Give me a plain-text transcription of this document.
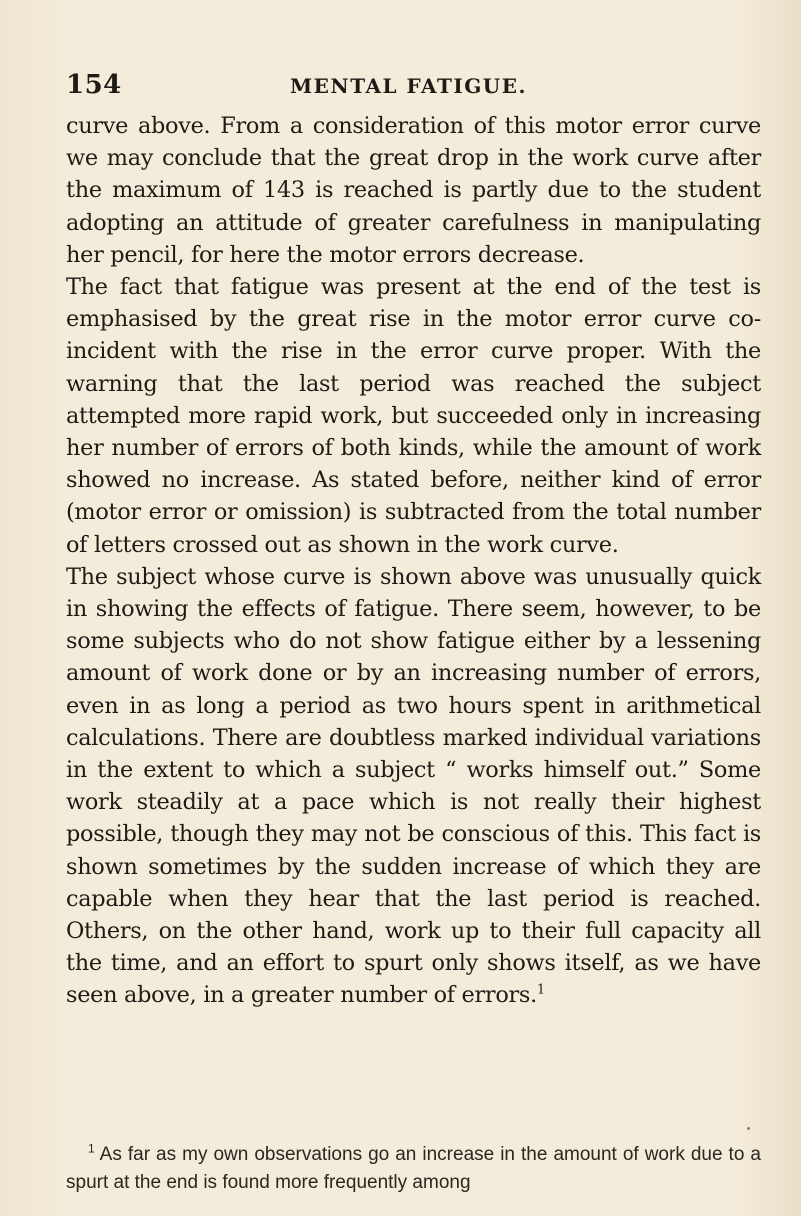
154	MENTAL FATIGUE.

curve above. From a consideration of this motor error curve we may conclude that the great drop in the work curve after the maximum of 143 is reached is partly due to the student adopting an attitude of greater carefulness in manipulating her pencil, for here the motor errors decrease.

The fact that fatigue was present at the end of the test is emphasised by the great rise in the motor error curve co-incident with the rise in the error curve proper. With the warning that the last period was reached the subject attempted more rapid work, but succeeded only in increasing her number of errors of both kinds, while the amount of work showed no increase. As stated before, neither kind of error (motor error or omission) is subtracted from the total number of letters crossed out as shown in the work curve.

The subject whose curve is shown above was unusually quick in showing the effects of fatigue. There seem, however, to be some subjects who do not show fatigue either by a lessening amount of work done or by an increasing number of errors, even in as long a period as two hours spent in arithmetical calculations. There are doubtless marked individual variations in the extent to which a subject “ works himself out.” Some work steadily at a pace which is not really their highest possible, though they may not be conscious of this. This fact is shown sometimes by the sudden increase of which they are capable when they hear that the last period is reached. Others, on the other hand, work up to their full capacity all the time, and an effort to spurt only shows itself, as we have seen above, in a greater number of errors.$^1$

$^1$ As far as my own observations go an increase in the amount of work due to a spurt at the end is found more frequently among
